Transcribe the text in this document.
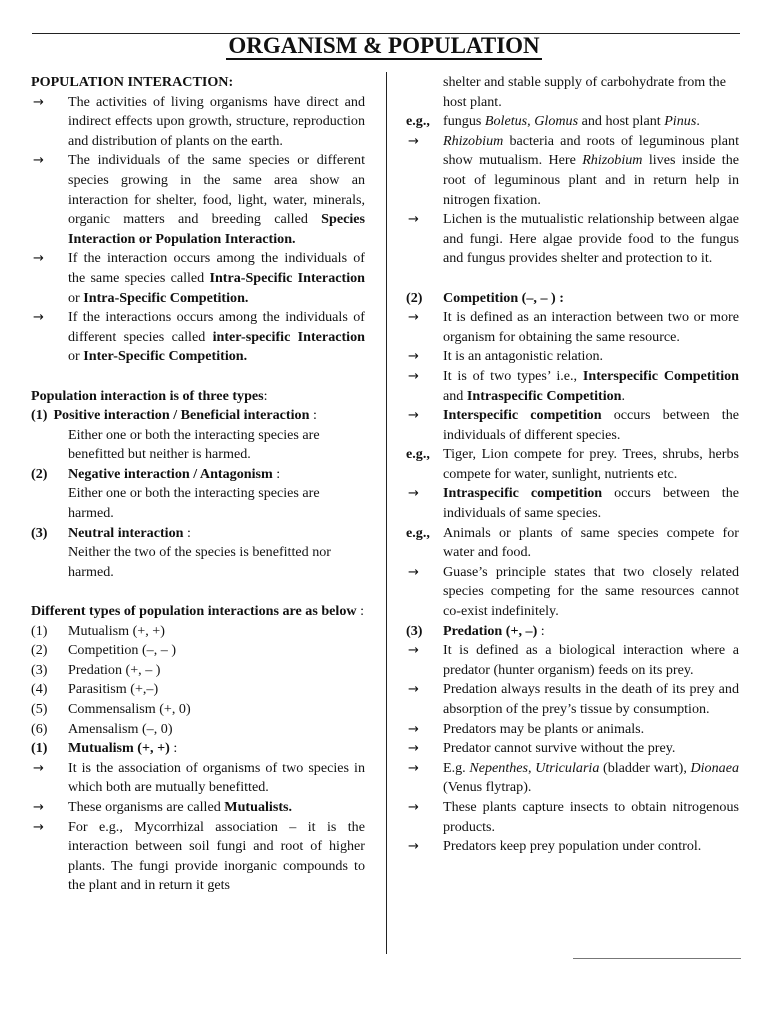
ORGANISM & POPULATION

POPULATION INTERACTION:

→	The activities of living organisms have direct and indirect effects upon growth, structure, reproduction and distribution of plants on the earth.
→	The individuals of the same species or different species growing in the same area show an interaction for shelter, food, light, water, minerals, organic matters and breeding called Species Interaction or Population Interaction.
→	If the interaction occurs among the individuals of the same species called Intra-Specific Interaction or Intra-Specific Competition.
→	If the interactions occurs among the individuals of different species called inter-specific Interaction or Inter-Specific Competition.

Population interaction is of three types:

(1) Positive interaction / Beneficial interaction :

Either one or both the interacting species are benefitted but neither is harmed.

(2)	Negative interaction / Antagonism :

Either one or both the interacting species are harmed.

(3)	Neutral interaction :

Neither the two of the species is benefitted nor harmed.

Different types of population interactions are as below :

(1)	Mutualism (+, +)
(2)	Competition (–, – )
(3)	Predation (+, – )
(4)	Parasitism (+,–)
(5)	Commensalism (+, 0)
(6)	Amensalism (–, 0)
(1)	Mutualism (+, +) :
→	It is the association of organisms of two species in which both are mutually benefitted.
→	These organisms are called Mutualists.
→	For e.g., Mycorrhizal association – it is the interaction between soil fungi and root of higher plants. The fungi provide inorganic compounds to the plant and in return it gets

shelter and stable supply of carbohydrate from the host plant.

e.g., fungus Boletus, Glomus and host plant Pinus.
→	Rhizobium bacteria and roots of leguminous plant show mutualism. Here Rhizobium lives inside the root of leguminous plant and in return help in nitrogen fixation.
→	Lichen is the mutualistic relationship between algae and fungi. Here algae provide food to the fungus and fungus provides shelter and protection to it.
(2)	Competition (–, – ) :
→	It is defined as an interaction between two or more organism for obtaining the same resource.
→	It is an antagonistic relation.
→	It is of two types’ i.e., Interspecific Competition and Intraspecific Competition.
→	Interspecific competition occurs between the individuals of different species.
e.g., Tiger, Lion compete for prey. Trees, shrubs, herbs compete for water, sunlight, nutrients etc.
→	Intraspecific competition occurs between the individuals of same species.
e.g., Animals or plants of same species compete for water and food.
→	Guase’s principle states that two closely related species competing for the same resources cannot co-exist indefinitely.
(3)	Predation (+, –) :
→	It is defined as a biological interaction where a predator (hunter organism) feeds on its prey.
→	Predation always results in the death of its prey and absorption of the prey’s tissue by consumption.
→	Predators may be plants or animals.
→	Predator cannot survive without the prey.
→	E.g. Nepenthes, Utricularia (bladder wart), Dionaea (Venus flytrap).
→	These plants capture insects to obtain nitrogenous products.
→	Predators keep prey population under control.
